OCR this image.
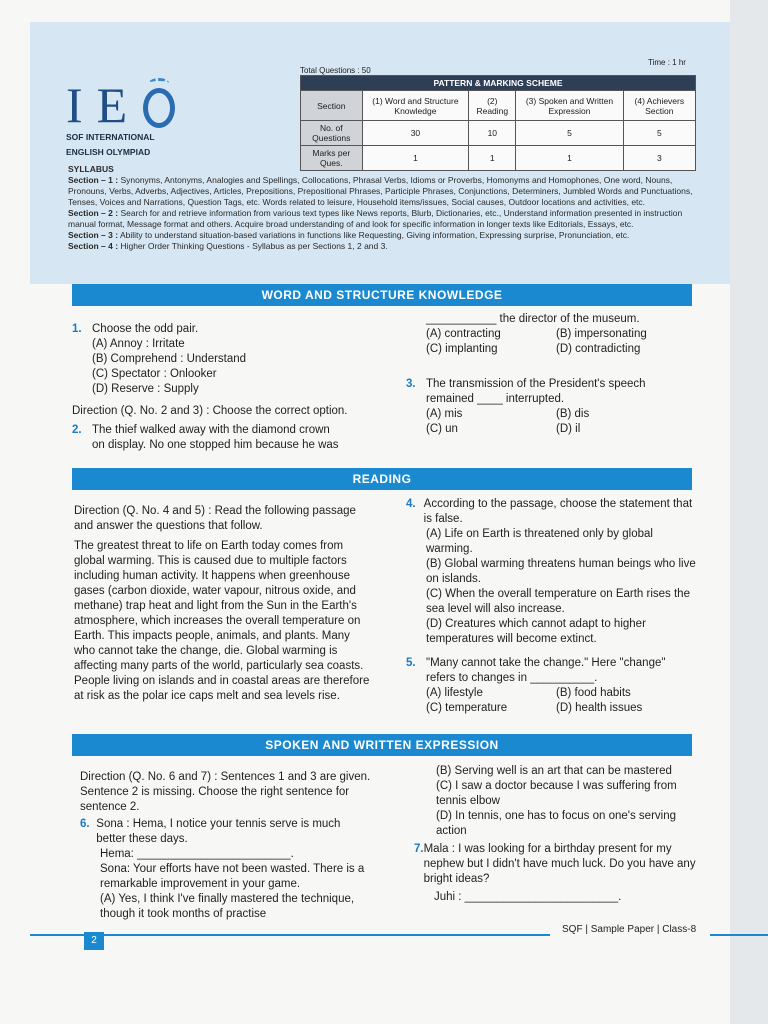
I E
SOF INTERNATIONAL
ENGLISH OLYMPIAD
Time : 1 hr
Total Questions : 50
PATTERN & MARKING SCHEME				
Section	(1) Word and Structure Knowledge	(2) Reading	(3) Spoken and Written Expression	(4) Achievers Section
No. of Questions	30	10	5	5
Marks per Ques.	1	1	1	3
SYLLABUS
Section – 1 : Synonyms, Antonyms, Analogies and Spellings, Collocations, Phrasal Verbs, Idioms or Proverbs, Homonyms and Homophones, One word, Nouns, Pronouns, Verbs, Adverbs, Adjectives, Articles, Prepositions, Prepositional Phrases, Participle Phrases, Conjunctions, Determiners, Jumbled Words and Punctuations, Tenses, Voices and Narrations, Question Tags, etc. Words related to leisure, Household items/issues, Social causes, Outdoor locations and activities, etc.
Section – 2 : Search for and retrieve information from various text types like News reports, Blurb, Dictionaries, etc., Understand information presented in instruction manual format, Message format and others. Acquire broad understanding of and look for specific information in longer texts like Editorials, Essays, etc.
Section – 3 : Ability to understand situation-based variations in functions like Requesting, Giving information, Expressing surprise, Pronunciation, etc.
Section – 4 : Higher Order Thinking Questions - Syllabus as per Sections 1, 2 and 3.
WORD AND STRUCTURE KNOWLEDGE
1. Choose the odd pair.
(A) Annoy : Irritate
(B) Comprehend : Understand
(C) Spectator : Onlooker
(D) Reserve : Supply
Direction (Q. No. 2 and 3) : Choose the correct option.
2. The thief walked away with the diamond crown
on display. No one stopped him because he was
___________ the director of the museum.
(A) contracting	(B) impersonating
(C) implanting	(D) contradicting
3. The transmission of the President's speech
remained ____ interrupted.
(A) mis	(B) dis
(C) un	(D) il
READING
Direction (Q. No. 4 and 5) : Read the following passage and answer the questions that follow.
The greatest threat to life on Earth today comes from global warming. This is caused due to multiple factors including human activity. It happens when greenhouse gases (carbon dioxide, water vapour, nitrous oxide, and methane) trap heat and light from the Sun in the Earth's atmosphere, which increases the overall temperature on Earth. This impacts people, animals, and plants. Many who cannot take the change, die. Global warming is affecting many parts of the world, particularly sea coasts. People living on islands and in coastal areas are therefore at risk as the polar ice caps melt and sea levels rise.
4. According to the passage, choose the statement that is false.
(A) Life on Earth is threatened only by global warming.
(B) Global warming threatens human beings who live on islands.
(C) When the overall temperature on Earth rises the sea level will also increase.
(D) Creatures which cannot adapt to higher temperatures will become extinct.
5. "Many cannot take the change." Here "change"
refers to changes in __________.
(A) lifestyle	(B) food habits
(C) temperature	(D) health issues
SPOKEN AND WRITTEN EXPRESSION
Direction (Q. No. 6 and 7) : Sentences 1 and 3 are given. Sentence 2 is missing. Choose the right sentence for sentence 2.
6. Sona : Hema, I notice your tennis serve is much better these days.
Hema: ________________________.
Sona: Your efforts have not been wasted. There is a remarkable improvement in your game.
(A) Yes, I think I've finally mastered the technique, though it took months of practise
(B) Serving well is an art that can be mastered
(C) I saw a doctor because I was suffering from tennis elbow
(D) In tennis, one has to focus on one's serving action
7. Mala : I was looking for a birthday present for my nephew but I didn't have much luck. Do you have any bright ideas?
Juhi : ________________________.
2
SQF | Sample Paper | Class-8
